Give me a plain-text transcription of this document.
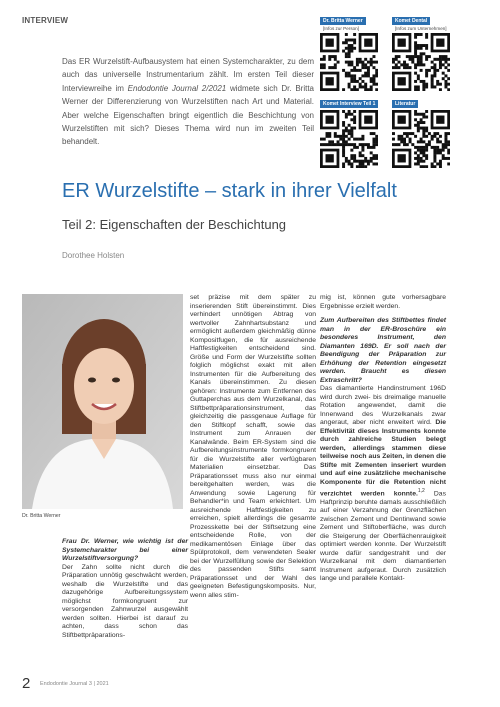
INTERVIEW
Das ER Wurzelstift-Aufbausystem hat einen Systemcharakter, zu dem auch das universelle Instrumentarium zählt. Im ersten Teil dieser Interviewreihe im Endodontie Journal 2/2021 widmete sich Dr. Britta Werner der Differenzierung von Wurzelstiften nach Art und Material. Aber welche Eigenschaften bringt eigentlich die Beschichtung von Wurzelstiften mit sich? Dieses Thema wird nun im zweiten Teil behandelt.
Dr. Britta Werner
[Infos zur Person]
Komet Dental
[Infos zum Unternehmen]
Komet Interview Teil 1	Literatur
ER Wurzelstifte – stark in ihrer Vielfalt
Teil 2: Eigenschaften der Beschichtung
Dorothee Holsten
Dr. Britta Werner

Frau Dr. Werner, wie wichtig ist der Systemcharakter bei einer Wurzelstiftversorgung?

Der Zahn sollte nicht durch die Präparation unnötig geschwächt werden, weshalb die Wurzelstifte und das dazugehörige Aufbereitungssystem möglichst formkongruent zur versorgenden Zahnwurzel ausgewählt werden sollten. Hierbei ist darauf zu achten, dass schon das Stiftbettpräparations-

set präzise mit dem später zu inserierenden Stift übereinstimmt. Dies verhindert unnötigen Abtrag von wertvoller Zahnhartsubstanz und ermöglicht außerdem gleichmäßig dünne Kompositfugen, die für ausreichende Haftfestigkeiten entscheidend sind. Größe und Form der Wurzelstifte sollten folglich möglichst exakt mit allen Instrumenten für die Aufbereitung des Kanals übereinstimmen. Zu diesen gehören: Instrumente zum Entfernen des Guttaperchas aus dem Wurzelkanal, das Stiftbettpräparationsinstrument, das gleichzeitig die passgenaue Auflage für den Stiftkopf schafft, sowie das Instrument zum Anrauen der Kanalwände. Beim ER-System sind die Aufbereitungsinstrumente formkongruent für die Wurzelstifte aller verfügbaren Materialien einsetzbar. Das Präparationsset muss also nur einmal bereitgehalten werden, was die Anwendung sowie Lagerung für Behandler*in und Team erleichtert. Um ausreichende Haftfestigkeiten zu erreichen, spielt allerdings die gesamte Prozesskette bei der Stiftsetzung eine entscheidende Rolle, von der medikamentösen Einlage über das Spülprotokoll, dem verwendeten Sealer bei der Wurzelfüllung sowie der Selektion des passenden Stifts samt Präparationsset und der Wahl des geeigneten Befestigungskomposits. Nur, wenn alles stim-

mig ist, können gute vorhersagbare Ergebnisse erzielt werden.

Zum Aufbereiten des Stiftbettes findet man in der ER-Broschüre ein besonderes Instrument, den Diamanten 169D. Er soll nach der Beendigung der Präparation zur Erhöhung der Retention eingesetzt werden. Braucht es diesen Extraschritt?

Das diamantierte Handinstrument 196D wird durch zwei- bis dreimalige manuelle Rotation angewendet, damit die Innenwand des Wurzelkanals zwar angeraut, aber nicht erweitert wird. Die Effektivität dieses Instruments konnte durch zahlreiche Studien belegt werden, allerdings stammen diese teilweise noch aus Zeiten, in denen die Stifte mit Zementen inseriert wurden und auf eine zusätzliche mechanische Komponente für die Retention nicht verzichtet werden konnte.$^{1,2}$ Das Haftprinzip beruhte damals ausschließlich auf einer Verzahnung der Grenzflächen zwischen Zement und Dentinwand sowie Zement und Stiftoberfläche, was durch die Steigerung der Oberflächenrauigkeit optimiert werden konnte. Der Wurzelstift wurde dafür sandgestrahlt und der Wurzelkanal mit dem diamantierten Instrument aufgeraut. Durch zusätzlich lange und parallele Kontakt-

2 Endodontie Journal 3 | 2021
